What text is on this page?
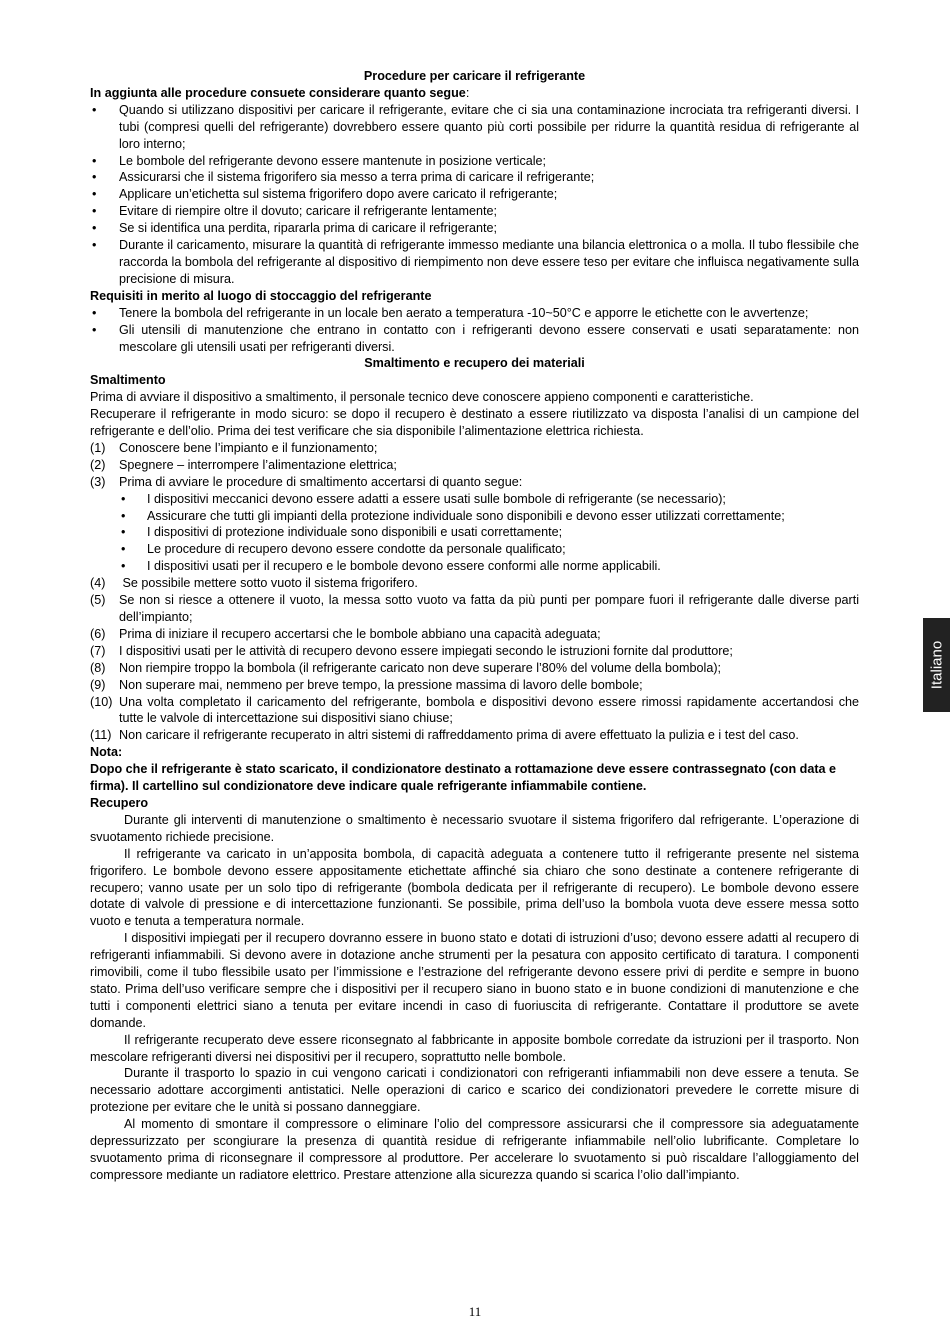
Procedure per caricare il refrigerante
In aggiunta alle procedure consuete considerare quanto segue:
• Quando si utilizzano dispositivi per caricare il refrigerante, evitare che ci sia una contaminazione incrociata tra refrigeranti diversi. I tubi (compresi quelli del refrigerante) dovrebbero essere quanto più corti possibile per ridurre la quantità residua di refrigerante al loro interno;
• Le bombole del refrigerante devono essere mantenute in posizione verticale;
• Assicurarsi che il sistema frigorifero sia messo a terra prima di caricare il refrigerante;
• Applicare un’etichetta sul sistema frigorifero dopo avere caricato il refrigerante;
• Evitare di riempire oltre il dovuto; caricare il refrigerante lentamente;
• Se si identifica una perdita, ripararla prima di caricare il refrigerante;
• Durante il caricamento, misurare la quantità di refrigerante immesso mediante una bilancia elettronica o a molla. Il tubo flessibile che raccorda la bombola del refrigerante al dispositivo di riempimento non deve essere teso per evitare che influisca negativamente sulla precisione di misura.
Requisiti in merito al luogo di stoccaggio del refrigerante
• Tenere la bombola del refrigerante in un locale ben aerato a temperatura -10~50°C e apporre le etichette con le avvertenze;
• Gli utensili di manutenzione che entrano in contatto con i refrigeranti devono essere conservati e usati separatamente: non mescolare gli utensili usati per refrigeranti diversi.
Smaltimento e recupero dei materiali
Smaltimento

Prima di avviare il dispositivo a smaltimento, il personale tecnico deve conoscere appieno componenti e caratteristiche.

Recuperare il refrigerante in modo sicuro: se dopo il recupero è destinato a essere riutilizzato va disposta l’analisi di un campione del refrigerante e dell’olio. Prima dei test verificare che sia disponibile l’alimentazione elettrica richiesta.

(1) Conoscere bene l’impianto e il funzionamento;
(2) Spegnere – interrompere l’alimentazione elettrica;
(3) Prima di avviare le procedure di smaltimento accertarsi di quanto segue:
• I dispositivi meccanici devono essere adatti a essere usati sulle bombole di refrigerante (se necessario);
• Assicurare che tutti gli impianti della protezione individuale sono disponibili e devono esser utilizzati correttamente;
• I dispositivi di protezione individuale sono disponibili e usati correttamente;
• Le procedure di recupero devono essere condotte da personale qualificato;
• I dispositivi usati per il recupero e le bombole devono essere conformi alle norme applicabili.
(4) Se possibile mettere sotto vuoto il sistema frigorifero.
(5) Se non si riesce a ottenere il vuoto, la messa sotto vuoto va fatta da più punti per pompare fuori il refrigerante dalle diverse parti dell’impianto;
(6) Prima di iniziare il recupero accertarsi che le bombole abbiano una capacità adeguata;
(7) I dispositivi usati per le attività di recupero devono essere impiegati secondo le istruzioni fornite dal produttore;
(8) Non riempire troppo la bombola (il refrigerante caricato non deve superare l’80% del volume della bombola);
(9) Non superare mai, nemmeno per breve tempo, la pressione massima di lavoro delle bombole;
(10) Una volta completato il caricamento del refrigerante, bombola e dispositivi devono essere rimossi rapidamente accertandosi che tutte le valvole di intercettazione sui dispositivi siano chiuse;
(11) Non caricare il refrigerante recuperato in altri sistemi di raffreddamento prima di avere effettuato la pulizia e i test del caso.
Nota:
Dopo che il refrigerante è stato scaricato, il condizionatore destinato a rottamazione deve essere contrassegnato (con data e firma). Il cartellino sul condizionatore deve indicare quale refrigerante infiammabile contiene.
Recupero

Durante gli interventi di manutenzione o smaltimento è necessario svuotare il sistema frigorifero dal refrigerante. L’operazione di svuotamento richiede precisione.

Il refrigerante va caricato in un’apposita bombola, di capacità adeguata a contenere tutto il refrigerante presente nel sistema frigorifero. Le bombole devono essere appositamente etichettate affinché sia chiaro che sono destinate a contenere refrigerante di recupero; vanno usate per un solo tipo di refrigerante (bombola dedicata per il refrigerante di recupero). Le bombole devono essere dotate di valvole di pressione e di intercettazione funzionanti. Se possibile, prima dell’uso la bombola vuota deve essere messa sotto vuoto e tenuta a temperatura normale.

I dispositivi impiegati per il recupero dovranno essere in buono stato e dotati di istruzioni d’uso; devono essere adatti al recupero di refrigeranti infiammabili. Si devono avere in dotazione anche strumenti per la pesatura con apposito certificato di taratura. I componenti rimovibili, come il tubo flessibile usato per l’immissione e l’estrazione del refrigerante devono essere privi di perdite e sempre in buono stato. Prima dell’uso verificare sempre che i dispositivi per il recupero siano in buono stato e in buone condizioni di manutenzione e che tutti i componenti elettrici siano a tenuta per evitare incendi in caso di fuoriuscita di refrigerante. Contattare il produttore se avete domande.

Il refrigerante recuperato deve essere riconsegnato al fabbricante in apposite bombole corredate da istruzioni per il trasporto. Non mescolare refrigeranti diversi nei dispositivi per il recupero, soprattutto nelle bombole.

Durante il trasporto lo spazio in cui vengono caricati i condizionatori con refrigeranti infiammabili non deve essere a tenuta. Se necessario adottare accorgimenti antistatici. Nelle operazioni di carico e scarico dei condizionatori prevedere le corrette misure di protezione per evitare che le unità si possano danneggiare.

Al momento di smontare il compressore o eliminare l’olio del compressore assicurarsi che il compressore sia adeguatamente depressurizzato per scongiurare la presenza di quantità residue di refrigerante infiammabile nell’olio lubrificante. Completare lo svuotamento prima di riconsegnare il compressore al produttore. Per accelerare lo svuotamento si può riscaldare l’alloggiamento del compressore mediante un radiatore elettrico. Prestare attenzione alla sicurezza quando si scarica l’olio dall’impianto.

Italiano
11
